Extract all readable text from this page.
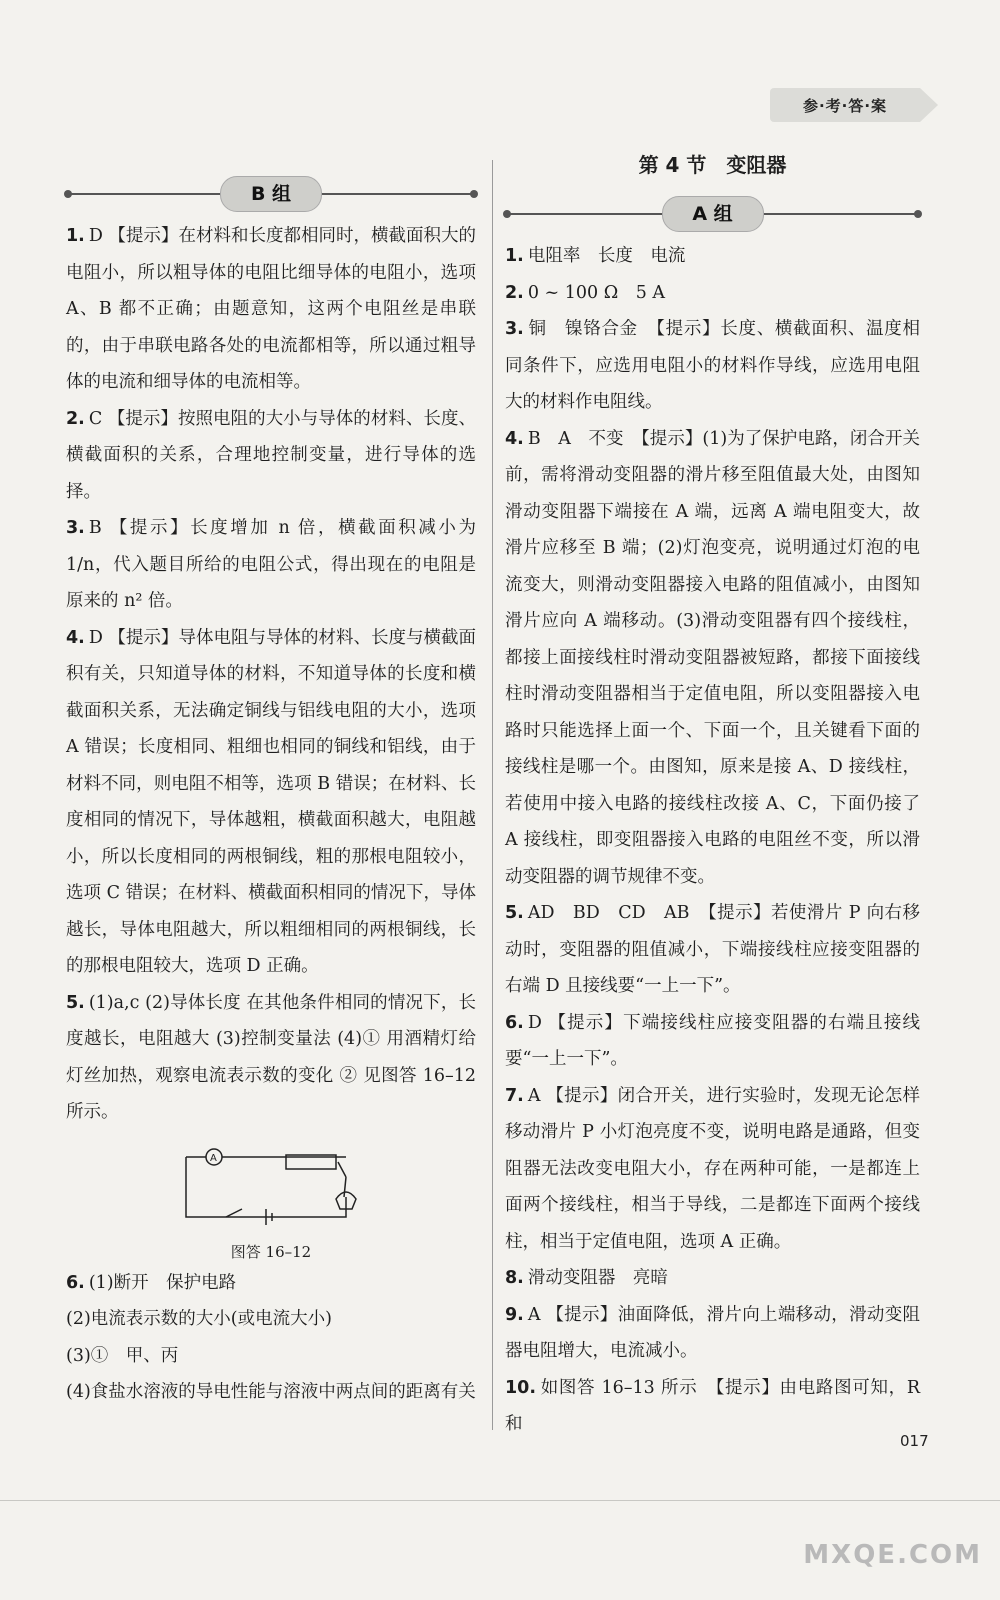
参·考·答·案
B 组

1. D 【提示】在材料和长度都相同时，横截面积大的电阻小，所以粗导体的电阻比细导体的电阻小，选项 A、B 都不正确；由题意知，这两个电阻丝是串联的，由于串联电路各处的电流都相等，所以通过粗导体的电流和细导体的电流相等。

2. C 【提示】按照电阻的大小与导体的材料、长度、横截面积的关系，合理地控制变量，进行导体的选择。

3. B 【提示】长度增加 n 倍，横截面积减小为 1/n，代入题目所给的电阻公式，得出现在的电阻是原来的 n² 倍。

4. D 【提示】导体电阻与导体的材料、长度与横截面积有关，只知道导体的材料，不知道导体的长度和横截面积关系，无法确定铜线与铝线电阻的大小，选项 A 错误；长度相同、粗细也相同的铜线和铝线，由于材料不同，则电阻不相等，选项 B 错误；在材料、长度相同的情况下，导体越粗，横截面积越大，电阻越小，所以长度相同的两根铜线，粗的那根电阻较小，选项 C 错误；在材料、横截面积相同的情况下，导体越长，导体电阻越大，所以粗细相同的两根铜线，长的那根电阻较大，选项 D 正确。

5. (1)a,c (2)导体长度 在其他条件相同的情况下，长度越长，电阻越大 (3)控制变量法 (4)① 用酒精灯给灯丝加热，观察电流表示数的变化 ② 见图答 16–12 所示。

A
图答 16–12
6. (1)断开　保护电路
(2)电流表示数的大小(或电流大小)
(3)①　甲、丙
(4)食盐水溶液的导电性能与溶液中两点间的距离有关
第 4 节　变阻器
A 组

1. 电阻率　长度　电流

2. 0 ~ 100 Ω　5 A

3. 铜　镍铬合金　【提示】长度、横截面积、温度相同条件下，应选用电阻小的材料作导线，应选用电阻大的材料作电阻线。

4. B　A　不变　【提示】(1)为了保护电路，闭合开关前，需将滑动变阻器的滑片移至阻值最大处，由图知滑动变阻器下端接在 A 端，远离 A 端电阻变大，故滑片应移至 B 端；(2)灯泡变亮，说明通过灯泡的电流变大，则滑动变阻器接入电路的阻值减小，由图知滑片应向 A 端移动。(3)滑动变阻器有四个接线柱，都接上面接线柱时滑动变阻器被短路，都接下面接线柱时滑动变阻器相当于定值电阻，所以变阻器接入电路时只能选择上面一个、下面一个，且关键看下面的接线柱是哪一个。由图知，原来是接 A、D 接线柱，若使用中接入电路的接线柱改接 A、C，下面仍接了 A 接线柱，即变阻器接入电路的电阻丝不变，所以滑动变阻器的调节规律不变。

5. AD　BD　CD　AB　【提示】若使滑片 P 向右移动时，变阻器的阻值减小，下端接线柱应接变阻器的右端 D 且接线要“一上一下”。

6. D 【提示】下端接线柱应接变阻器的右端且接线要“一上一下”。

7. A 【提示】闭合开关，进行实验时，发现无论怎样移动滑片 P 小灯泡亮度不变，说明电路是通路，但变阻器无法改变电阻大小，存在两种可能，一是都连上面两个接线柱，相当于导线，二是都连下面两个接线柱，相当于定值电阻，选项 A 正确。

8. 滑动变阻器　亮暗

9. A 【提示】油面降低，滑片向上端移动，滑动变阻器电阻增大，电流减小。

10. 如图答 16–13 所示　【提示】由电路图可知，R 和

017
MXQE.COM
